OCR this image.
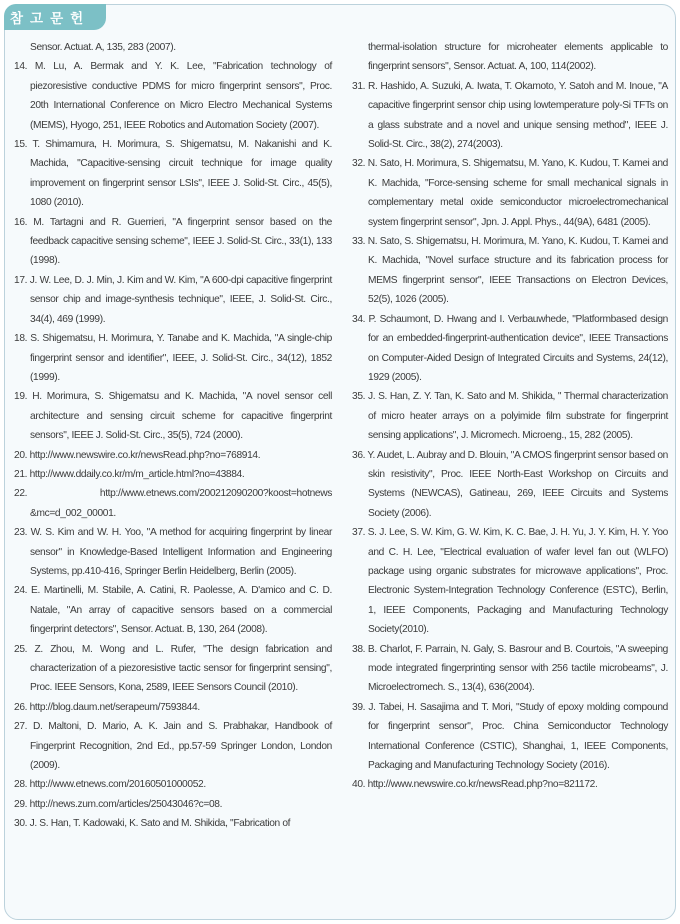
참 고 문 헌

Sensor. Actuat. A, 135, 283 (2007).

14. M. Lu, A. Bermak and Y. K. Lee, "Fabrication technology of piezoresistive conductive PDMS for micro fingerprint sensors", Proc. 20th International Conference on Micro Electro Mechanical Systems (MEMS), Hyogo, 251, IEEE Robotics and Automation Society (2007).

15. T. Shimamura, H. Morimura, S. Shigematsu, M. Nakanishi and K. Machida, "Capacitive-sensing circuit technique for image quality improvement on fingerprint sensor LSIs", IEEE J. Solid-St. Circ., 45(5), 1080 (2010).

16. M. Tartagni and R. Guerrieri, "A fingerprint sensor based on the feedback capacitive sensing scheme", IEEE J. Solid-St. Circ., 33(1), 133 (1998).

17. J. W. Lee, D. J. Min, J. Kim and W. Kim, "A 600-dpi capacitive fingerprint sensor chip and image-synthesis technique", IEEE, J. Solid-St. Circ., 34(4), 469 (1999).

18. S. Shigematsu, H. Morimura, Y. Tanabe and K. Machida, "A single-chip fingerprint sensor and identifier", IEEE, J. Solid-St. Circ., 34(12), 1852 (1999).

19. H. Morimura, S. Shigematsu and K. Machida, "A novel sensor cell architecture and sensing circuit scheme for capacitive fingerprint sensors", IEEE J. Solid-St. Circ., 35(5), 724 (2000).

20. http://www.newswire.co.kr/newsRead.php?no=768914.

21. http://www.ddaily.co.kr/m/m_article.html?no=43884.

22. http://www.etnews.com/200212090200?koost=hotnews &mc=d_002_00001.

23. W. S. Kim and W. H. Yoo, "A method for acquiring fingerprint by linear sensor" in Knowledge-Based Intelligent Information and Engineering Systems, pp.410-416, Springer Berlin Heidelberg, Berlin (2005).

24. E. Martinelli, M. Stabile, A. Catini, R. Paolesse, A. D'amico and C. D. Natale, "An array of capacitive sensors based on a commercial fingerprint detectors", Sensor. Actuat. B, 130, 264 (2008).

25. Z. Zhou, M. Wong and L. Rufer, "The design fabrication and characterization of a piezoresistive tactic sensor for fingerprint sensing", Proc. IEEE Sensors, Kona, 2589, IEEE Sensors Council (2010).

26. http://blog.daum.net/serapeum/7593844.

27. D. Maltoni, D. Mario, A. K. Jain and S. Prabhakar, Handbook of Fingerprint Recognition, 2nd Ed., pp.57-59 Springer London, London (2009).

28. http://www.etnews.com/20160501000052.

29. http://news.zum.com/articles/25043046?c=08.

30. J. S. Han, T. Kadowaki, K. Sato and M. Shikida, "Fabrication of

thermal-isolation structure for microheater elements applicable to fingerprint sensors", Sensor. Actuat. A, 100, 114(2002).

31. R. Hashido, A. Suzuki, A. Iwata, T. Okamoto, Y. Satoh and M. Inoue, "A capacitive fingerprint sensor chip using lowtemperature poly-Si TFTs on a glass substrate and a novel and unique sensing method", IEEE J. Solid-St. Circ., 38(2), 274(2003).

32. N. Sato, H. Morimura, S. Shigematsu, M. Yano, K. Kudou, T. Kamei and K. Machida, "Force-sensing scheme for small mechanical signals in complementary metal oxide semiconductor microelectromechanical system fingerprint sensor", Jpn. J. Appl. Phys., 44(9A), 6481 (2005).

33. N. Sato, S. Shigematsu, H. Morimura, M. Yano, K. Kudou, T. Kamei and K. Machida, "Novel surface structure and its fabrication process for MEMS fingerprint sensor", IEEE Transactions on Electron Devices, 52(5), 1026 (2005).

34. P. Schaumont, D. Hwang and I. Verbauwhede, "Platformbased design for an embedded-fingerprint-authentication device", IEEE Transactions on Computer-Aided Design of Integrated Circuits and Systems, 24(12), 1929 (2005).

35. J. S. Han, Z. Y. Tan, K. Sato and M. Shikida, " Thermal characterization of micro heater arrays on a polyimide film substrate for fingerprint sensing applications", J. Micromech. Microeng., 15, 282 (2005).

36. Y. Audet, L. Aubray and D. Blouin, "A CMOS fingerprint sensor based on skin resistivity", Proc. IEEE North-East Workshop on Circuits and Systems (NEWCAS), Gatineau, 269, IEEE Circuits and Systems Society (2006).

37. S. J. Lee, S. W. Kim, G. W. Kim, K. C. Bae, J. H. Yu, J. Y. Kim, H. Y. Yoo and C. H. Lee, "Electrical evaluation of wafer level fan out (WLFO) package using organic substrates for microwave applications", Proc. Electronic System-Integration Technology Conference (ESTC), Berlin, 1, IEEE Components, Packaging and Manufacturing Technology Society(2010).

38. B. Charlot, F. Parrain, N. Galy, S. Basrour and B. Courtois, "A sweeping mode integrated fingerprinting sensor with 256 tactile microbeams", J. Microelectromech. S., 13(4), 636(2004).

39. J. Tabei, H. Sasajima and T. Mori, "Study of epoxy molding compound for fingerprint sensor", Proc. China Semiconductor Technology International Conference (CSTIC), Shanghai, 1, IEEE Components, Packaging and Manufacturing Technology Society (2016).

40. http://www.newswire.co.kr/newsRead.php?no=821172.
